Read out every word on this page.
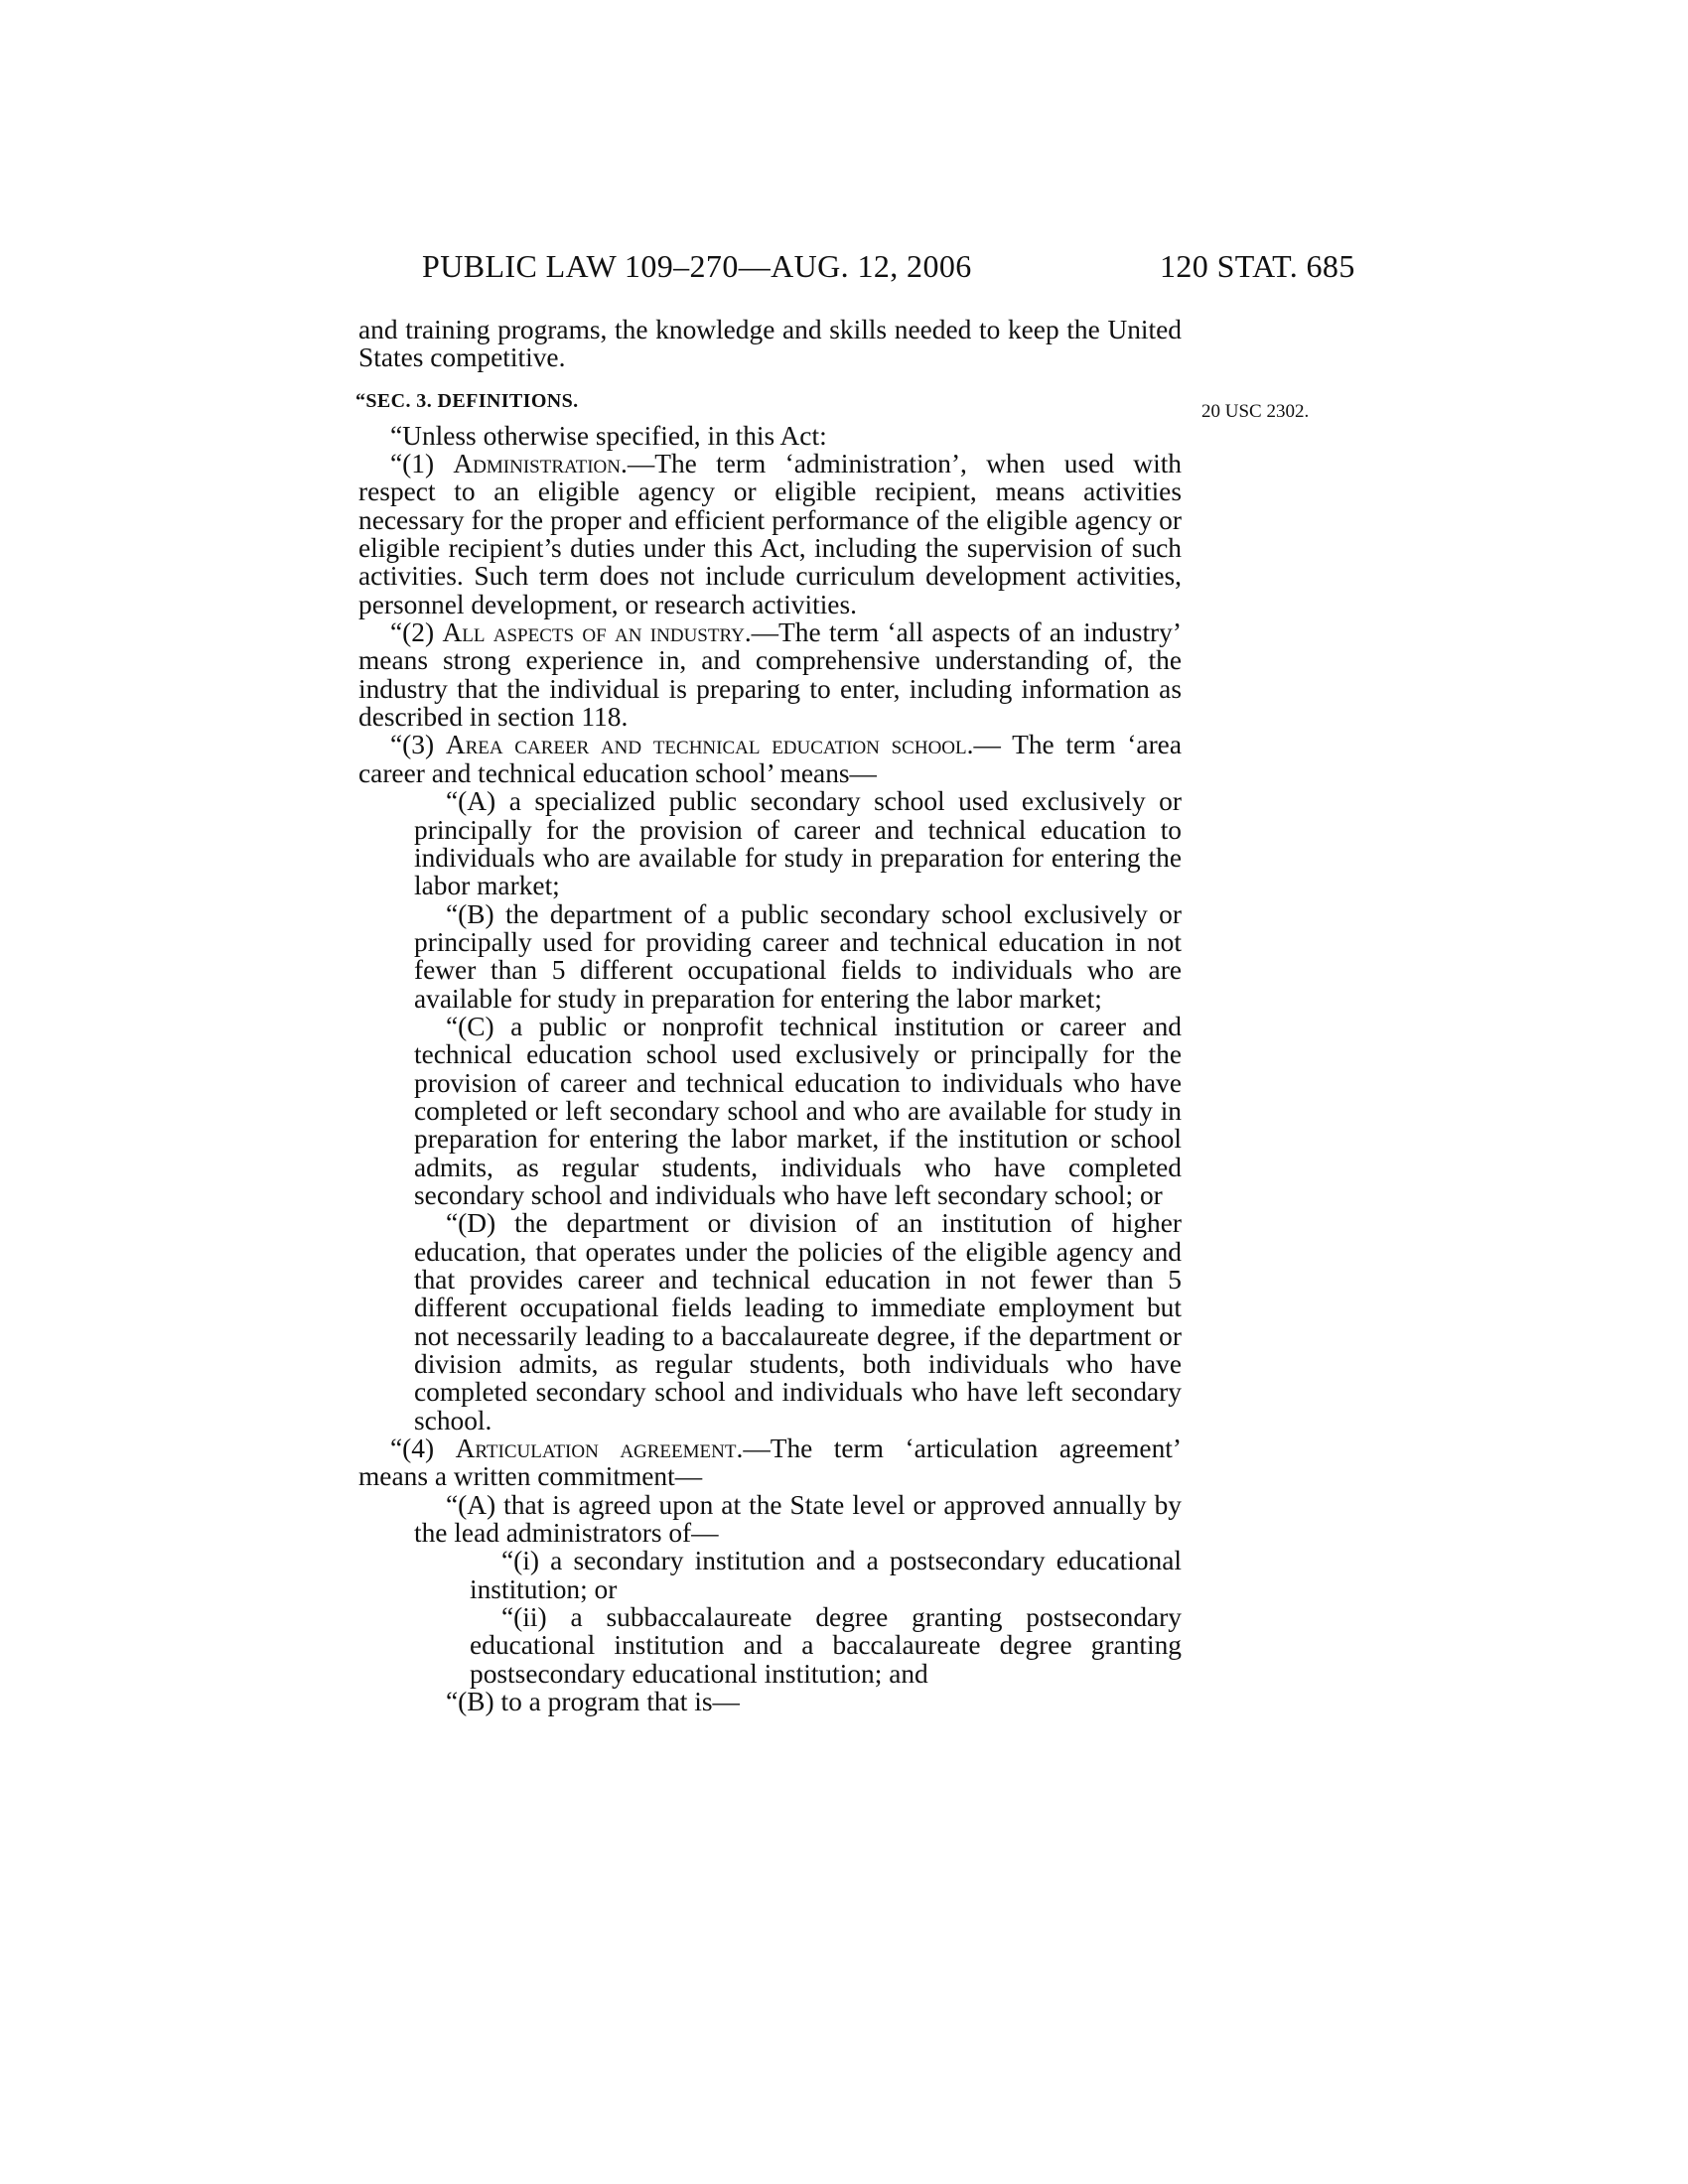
PUBLIC LAW 109–270—AUG. 12, 2006	120 STAT. 685
20 USC 2302.

and training programs, the knowledge and skills needed to keep the United States competitive.

“SEC. 3. DEFINITIONS.

“Unless otherwise specified, in this Act:

“(1) Administration.—The term ‘administration’, when used with respect to an eligible agency or eligible recipient, means activities necessary for the proper and efficient performance of the eligible agency or eligible recipient’s duties under this Act, including the supervision of such activities. Such term does not include curriculum development activities, personnel development, or research activities.

“(2) All aspects of an industry.—The term ‘all aspects of an industry’ means strong experience in, and comprehensive understanding of, the industry that the individual is preparing to enter, including information as described in section 118.

“(3) Area career and technical education school.— The term ‘area career and technical education school’ means—

“(A) a specialized public secondary school used exclusively or principally for the provision of career and technical education to individuals who are available for study in preparation for entering the labor market;

“(B) the department of a public secondary school exclusively or principally used for providing career and technical education in not fewer than 5 different occupational fields to individuals who are available for study in preparation for entering the labor market;

“(C) a public or nonprofit technical institution or career and technical education school used exclusively or principally for the provision of career and technical education to individuals who have completed or left secondary school and who are available for study in preparation for entering the labor market, if the institution or school admits, as regular students, individuals who have completed secondary school and individuals who have left secondary school; or

“(D) the department or division of an institution of higher education, that operates under the policies of the eligible agency and that provides career and technical education in not fewer than 5 different occupational fields leading to immediate employment but not necessarily leading to a baccalaureate degree, if the department or division admits, as regular students, both individuals who have completed secondary school and individuals who have left secondary school.

“(4) Articulation agreement.—The term ‘articulation agreement’ means a written commitment—

“(A) that is agreed upon at the State level or approved annually by the lead administrators of—

“(i) a secondary institution and a postsecondary educational institution; or

“(ii) a subbaccalaureate degree granting postsecondary educational institution and a baccalaureate degree granting postsecondary educational institution; and

“(B) to a program that is—
